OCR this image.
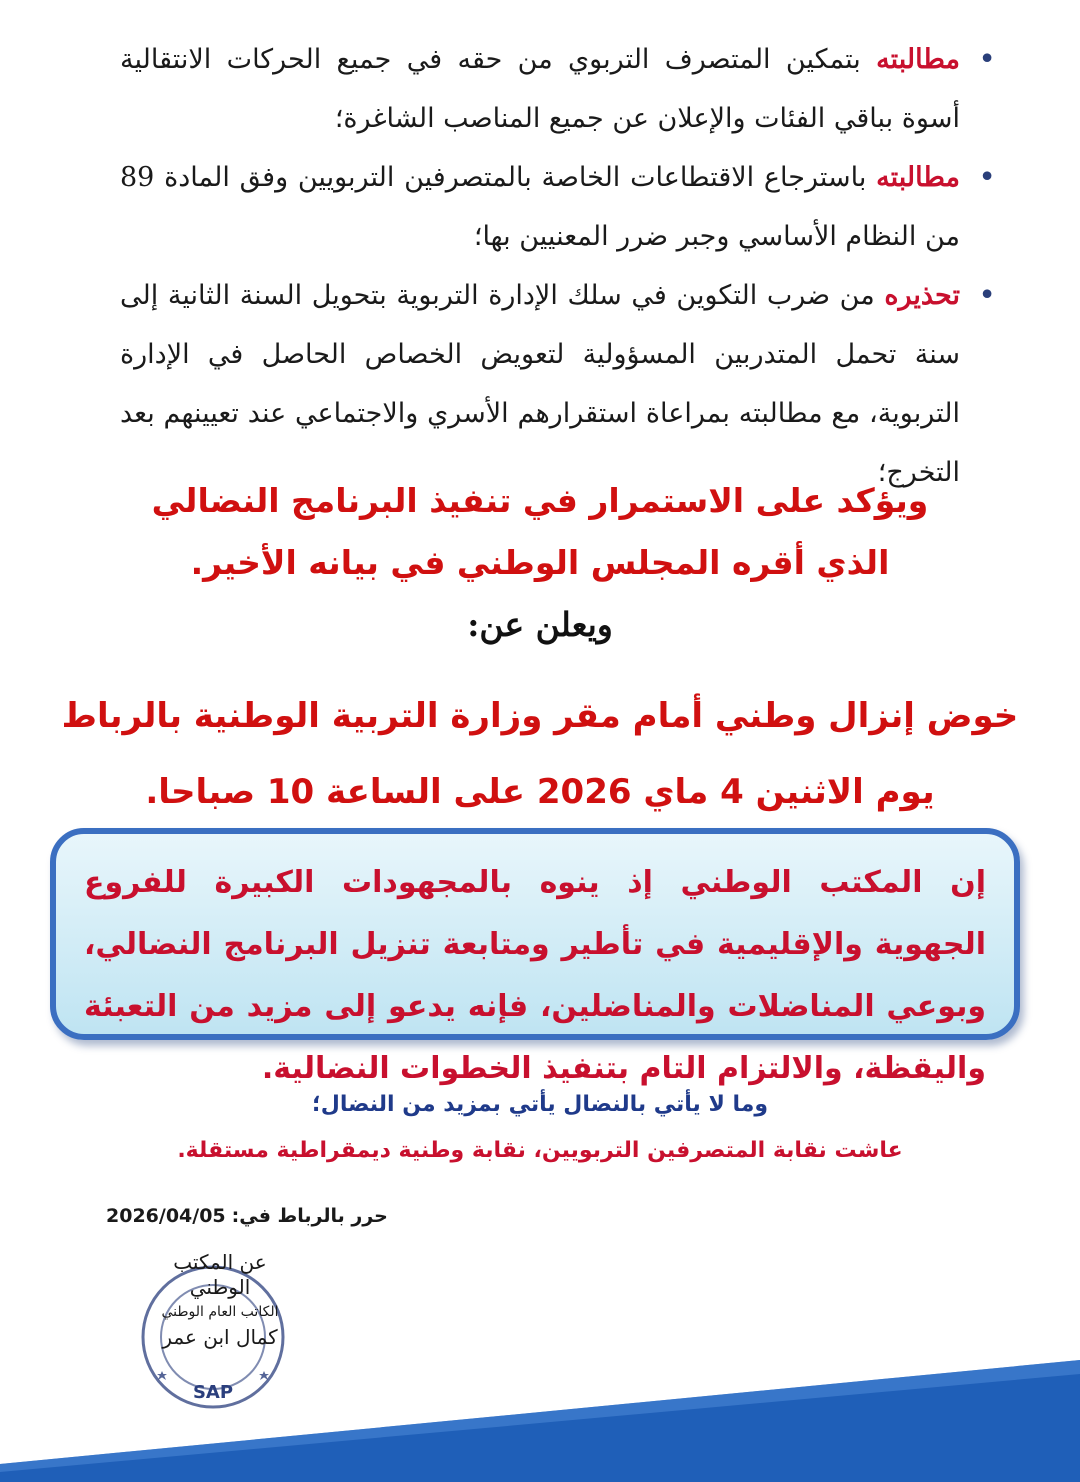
• مطالبته بتمكين المتصرف التربوي من حقه في جميع الحركات الانتقالية أسوة بباقي الفئات والإعلان عن جميع المناصب الشاغرة؛
• مطالبته باسترجاع الاقتطاعات الخاصة بالمتصرفين التربويين وفق المادة 89 من النظام الأساسي وجبر ضرر المعنيين بها؛
• تحذيره من ضرب التكوين في سلك الإدارة التربوية بتحويل السنة الثانية إلى سنة تحمل المتدربين المسؤولية لتعويض الخصاص الحاصل في الإدارة التربوية، مع مطالبته بمراعاة استقرارهم الأسري والاجتماعي عند تعيينهم بعد التخرج؛
ويؤكد على الاستمرار في تنفيذ البرنامج النضالي
الذي أقره المجلس الوطني في بيانه الأخير.
ويعلن عن:
خوض إنزال وطني أمام مقر وزارة التربية الوطنية بالرباط
يوم الاثنين 4 ماي 2026 على الساعة 10 صباحا.
إن المكتب الوطني إذ ينوه بالمجهودات الكبيرة للفروع الجهوية والإقليمية في تأطير ومتابعة تنزيل البرنامج النضالي، وبوعي المناضلات والمناضلين، فإنه يدعو إلى مزيد من التعبئة واليقظة، والالتزام التام بتنفيذ الخطوات النضالية.
وما لا يأتي بالنضال يأتي بمزيد من النضال؛
عاشت نقابة المتصرفين التربويين، نقابة وطنية ديمقراطية مستقلة.
حرر بالرباط في:2026/04/05
SAP
عن المكتب الوطني
الكاتب العام الوطني
كمال ابن عمر
